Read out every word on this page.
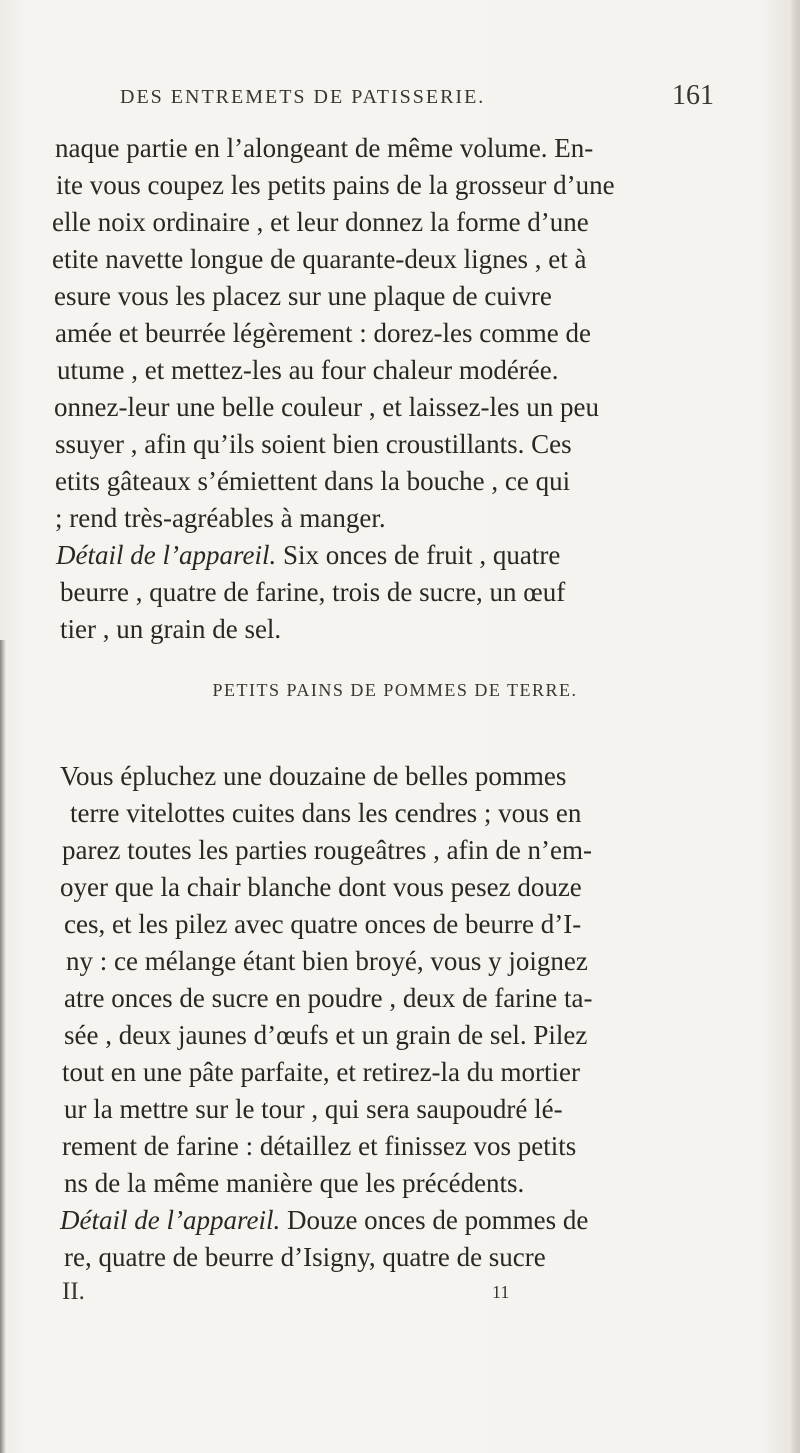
DES ENTREMETS DE PATISSERIE.	161
naque partie en l’alongeant de même volume. En-
ite vous coupez les petits pains de la grosseur d’une
elle noix ordinaire , et leur donnez la forme d’une
etite navette longue de quarante-deux lignes , et à
esure vous les placez sur une plaque de cuivre
amée et beurrée légèrement : dorez-les comme de
utume , et mettez-les au four chaleur modérée.
onnez-leur une belle couleur , et laissez-les un peu
ssuyer , afin qu’ils soient bien croustillants. Ces
etits gâteaux s’émiettent dans la bouche , ce qui
; rend très-agréables à manger.
Détail de l’appareil. Six onces de fruit , quatre
beurre , quatre de farine, trois de sucre, un œuf
tier , un grain de sel.
PETITS PAINS DE POMMES DE TERRE.
Vous épluchez une douzaine de belles pommes
terre vitelottes cuites dans les cendres ; vous en
parez toutes les parties rougeâtres , afin de n’em-
oyer que la chair blanche dont vous pesez douze
ces, et les pilez avec quatre onces de beurre d’I-
ny : ce mélange étant bien broyé, vous y joignez
atre onces de sucre en poudre , deux de farine ta-
sée , deux jaunes d’œufs et un grain de sel. Pilez
tout en une pâte parfaite, et retirez-la du mortier
ur la mettre sur le tour , qui sera saupoudré lé-
rement de farine : détaillez et finissez vos petits
ns de la même manière que les précédents.
Détail de l’appareil. Douze onces de pommes de
re, quatre de beurre d’Isigny, quatre de sucre
II.	11
